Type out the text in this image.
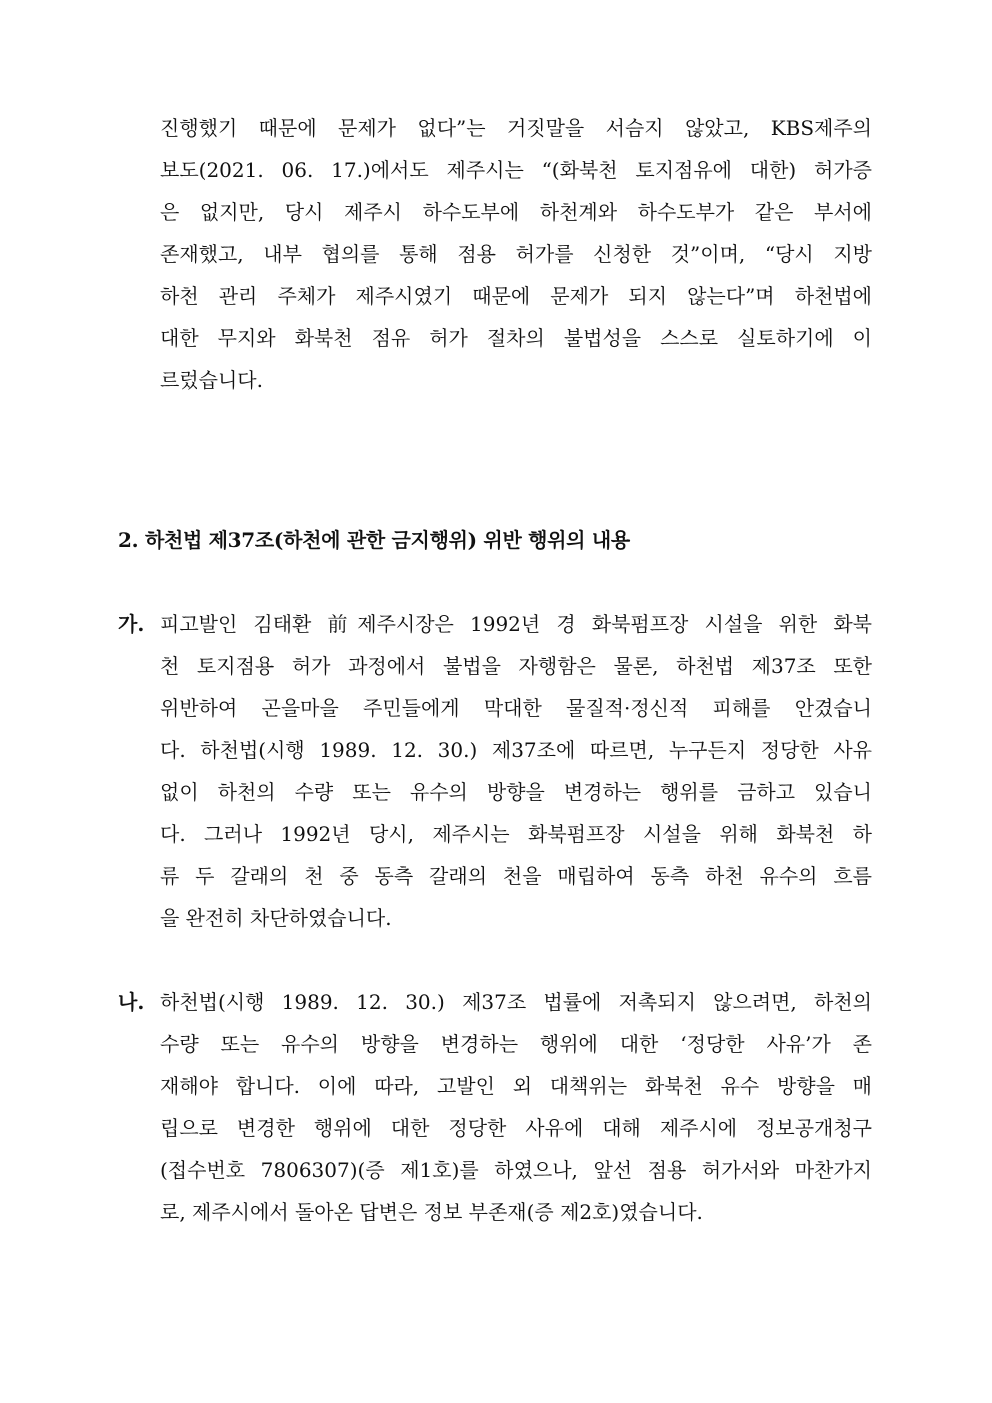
진행했기 때문에 문제가 없다”는 거짓말을 서슴지 않았고, KBS제주의
보도(2021. 06. 17.)에서도 제주시는 “(화북천 토지점유에 대한) 허가증
은 없지만, 당시 제주시 하수도부에 하천계와 하수도부가 같은 부서에
존재했고, 내부 협의를 통해 점용 허가를 신청한 것”이며, “당시 지방
하천 관리 주체가 제주시였기 때문에 문제가 되지 않는다”며 하천법에
대한 무지와 화북천 점유 허가 절차의 불법성을 스스로 실토하기에 이
르렀습니다.
2. 하천법 제37조(하천에 관한 금지행위) 위반 행위의 내용
가. 피고발인 김태환 前제주시장은 1992년 경 화북펌프장 시설을 위한 화북
천 토지점용 허가 과정에서 불법을 자행함은 물론, 하천법 제37조 또한
위반하여 곤을마을 주민들에게 막대한 물질적·정신적 피해를 안겼습니
다. 하천법(시행 1989. 12. 30.) 제37조에 따르면, 누구든지 정당한 사유
없이 하천의 수량 또는 유수의 방향을 변경하는 행위를 금하고 있습니
다. 그러나 1992년 당시, 제주시는 화북펌프장 시설을 위해 화북천 하
류 두 갈래의 천 중 동측 갈래의 천을 매립하여 동측 하천 유수의 흐름
을 완전히 차단하였습니다.
나. 하천법(시행 1989. 12. 30.) 제37조 법률에 저촉되지 않으려면, 하천의
수량 또는 유수의 방향을 변경하는 행위에 대한 ‘정당한 사유’가 존
재해야 합니다. 이에 따라, 고발인 외 대책위는 화북천 유수 방향을 매
립으로 변경한 행위에 대한 정당한 사유에 대해 제주시에 정보공개청구
(접수번호 7806307)(증 제1호)를 하였으나, 앞선 점용 허가서와 마찬가지
로, 제주시에서 돌아온 답변은 정보 부존재(증 제2호)였습니다.
